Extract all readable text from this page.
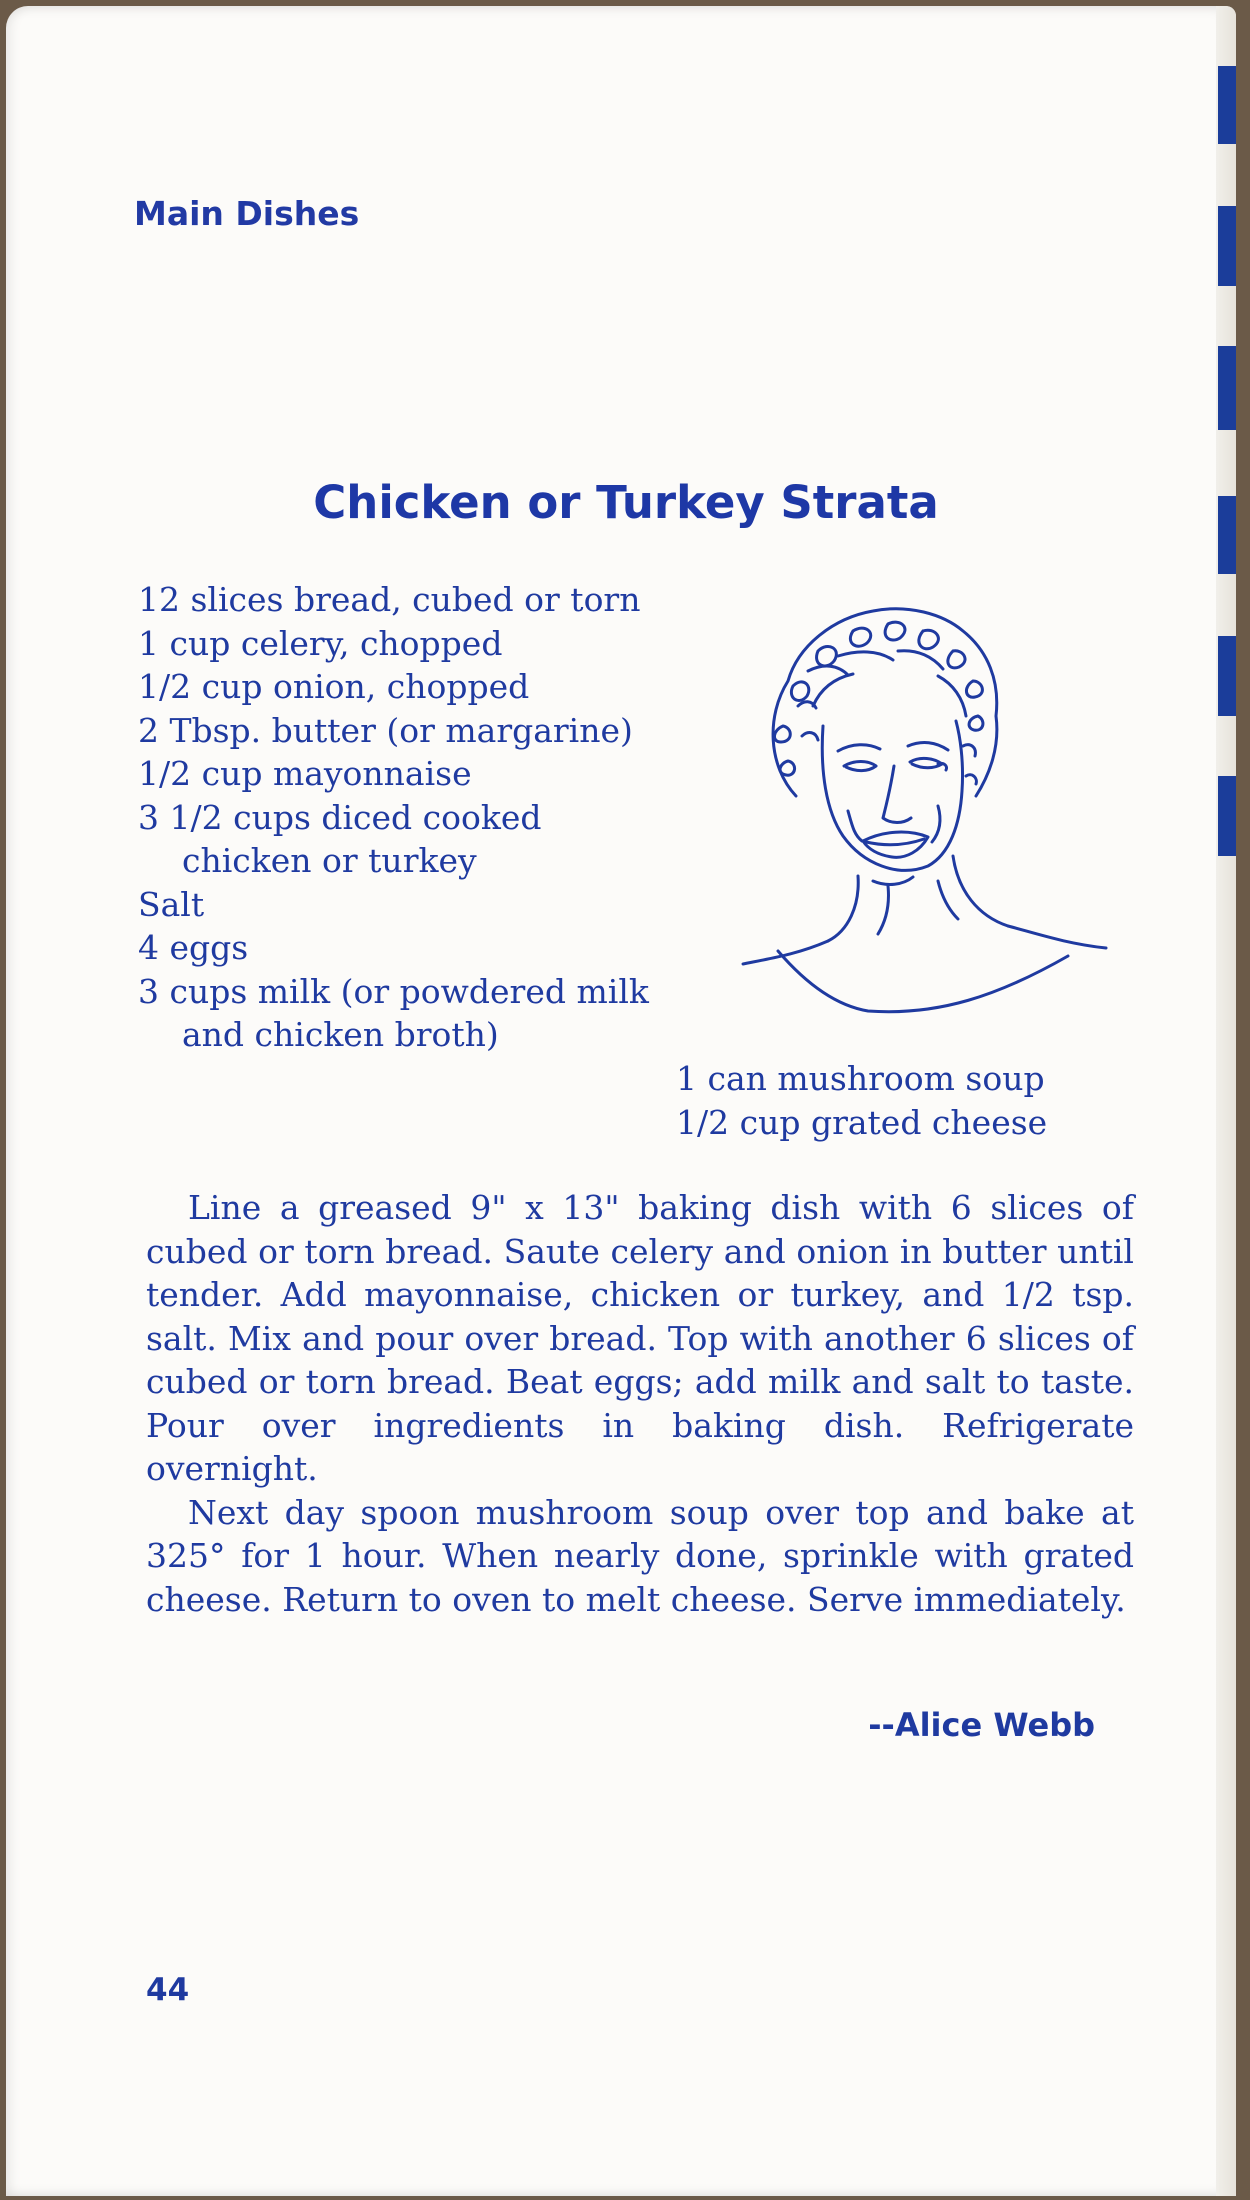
Main Dishes
Chicken or Turkey Strata
12 slices bread, cubed or torn
1 cup celery, chopped
1/2 cup onion, chopped
2 Tbsp. butter (or margarine)
1/2 cup mayonnaise
3 1/2 cups diced cooked chicken or turkey
Salt
4 eggs
3 cups milk (or powdered milk and chicken broth)
1 can mushroom soup
1/2 cup grated cheese

Line a greased 9" x 13" baking dish with 6 slices of cubed or torn bread. Saute celery and onion in butter until tender. Add mayonnaise, chicken or turkey, and 1/2 tsp. salt. Mix and pour over bread. Top with another 6 slices of cubed or torn bread. Beat eggs; add milk and salt to taste. Pour over ingredients in baking dish. Refrigerate overnight.

Next day spoon mushroom soup over top and bake at 325° for 1 hour. When nearly done, sprinkle with grated cheese. Return to oven to melt cheese. Serve immediately.

--Alice Webb
44
